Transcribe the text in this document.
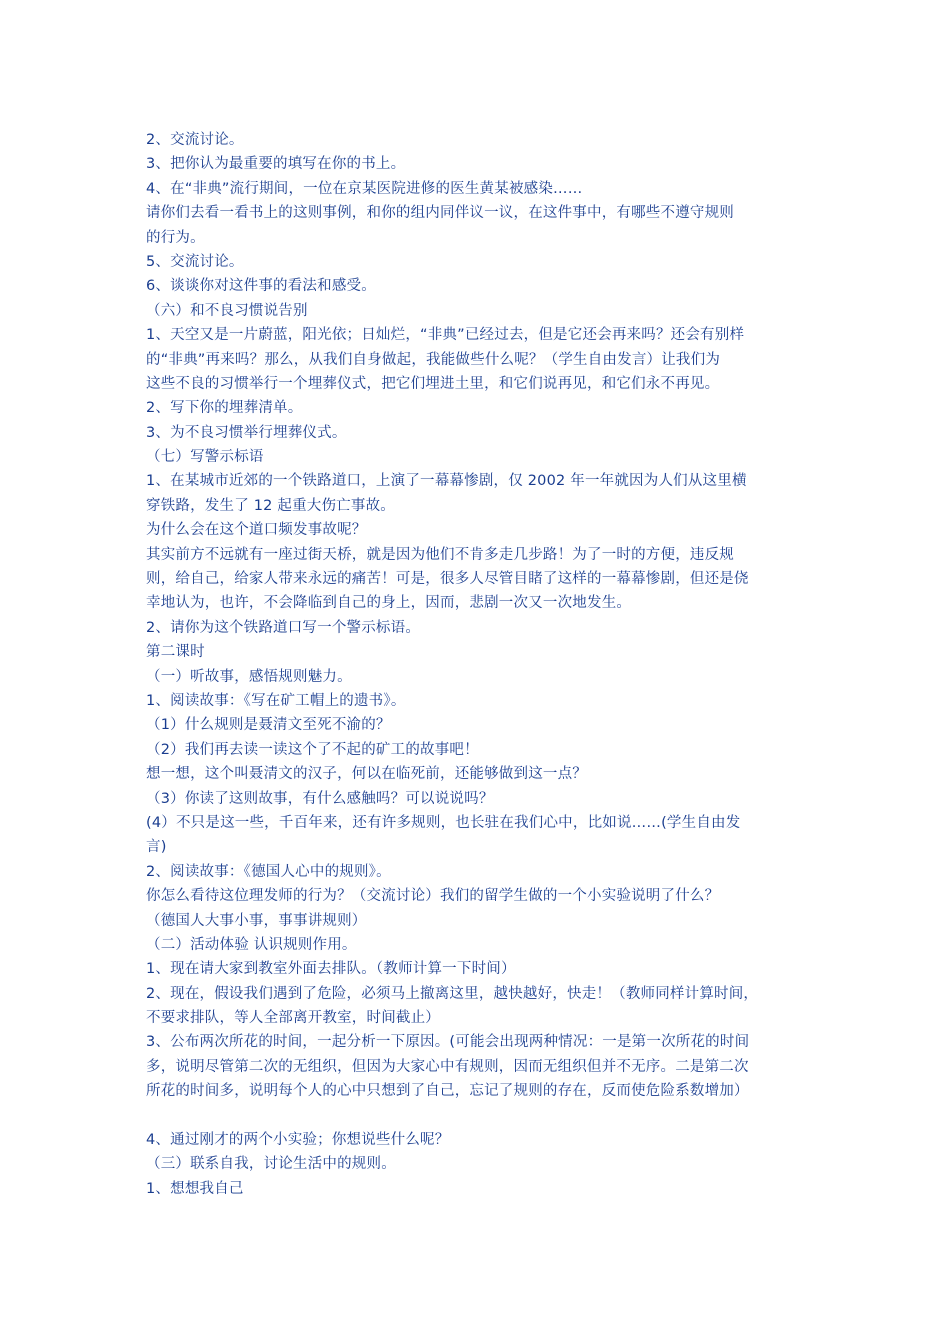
2、交流讨论。
3、把你认为最重要的填写在你的书上。
4、在“非典”流行期间，一位在京某医院进修的医生黄某被感染……
请你们去看一看书上的这则事例，和你的组内同伴议一议，在这件事中，有哪些不遵守规则
的行为。
5、交流讨论。
6、谈谈你对这件事的看法和感受。
（六）和不良习惯说告别
1、天空又是一片蔚蓝，阳光依；日灿烂，“非典”已经过去，但是它还会再来吗？还会有别样
的“非典”再来吗？那么，从我们自身做起，我能做些什么呢？（学生自由发言）让我们为
这些不良的习惯举行一个埋葬仪式，把它们埋进土里，和它们说再见，和它们永不再见。
2、写下你的埋葬清单。
3、为不良习惯举行埋葬仪式。
（七）写警示标语
1、在某城市近郊的一个铁路道口，上演了一幕幕惨剧，仅 2002 年一年就因为人们从这里横
穿铁路，发生了 12 起重大伤亡事故。
为什么会在这个道口频发事故呢？
其实前方不远就有一座过街天桥，就是因为他们不肯多走几步路！为了一时的方便，违反规
则，给自己，给家人带来永远的痛苦！可是，很多人尽管目睹了这样的一幕幕惨剧，但还是侥
幸地认为，也许，不会降临到自己的身上，因而，悲剧一次又一次地发生。
2、请你为这个铁路道口写一个警示标语。
第二课时
（一）听故事，感悟规则魅力。
1、阅读故事：《写在矿工帽上的遗书》。
（1）什么规则是聂清文至死不渝的？
（2）我们再去读一读这个了不起的矿工的故事吧！
想一想，这个叫聂清文的汉子，何以在临死前，还能够做到这一点？
（3）你读了这则故事，有什么感触吗？可以说说吗？
(4）不只是这一些，千百年来，还有许多规则，也长驻在我们心中，比如说……(学生自由发
言)
2、阅读故事：《德国人心中的规则》。
你怎么看待这位理发师的行为？（交流讨论）我们的留学生做的一个小实验说明了什么？
（德国人大事小事，事事讲规则）
（二）活动体验 认识规则作用。
1、现在请大家到教室外面去排队。（教师计算一下时间）
2、现在，假设我们遇到了危险，必须马上撤离这里，越快越好，快走！（教师同样计算时间，
不要求排队，等人全部离开教室，时间截止）
3、公布两次所花的时间，一起分析一下原因。(可能会出现两种情况：一是第一次所花的时间
多，说明尽管第二次的无组织，但因为大家心中有规则，因而无组织但并不无序。二是第二次
所花的时间多，说明每个人的心中只想到了自己，忘记了规则的存在，反而使危险系数增加）
4、通过刚才的两个小实验；你想说些什么呢？
（三）联系自我，讨论生活中的规则。
1、想想我自己
